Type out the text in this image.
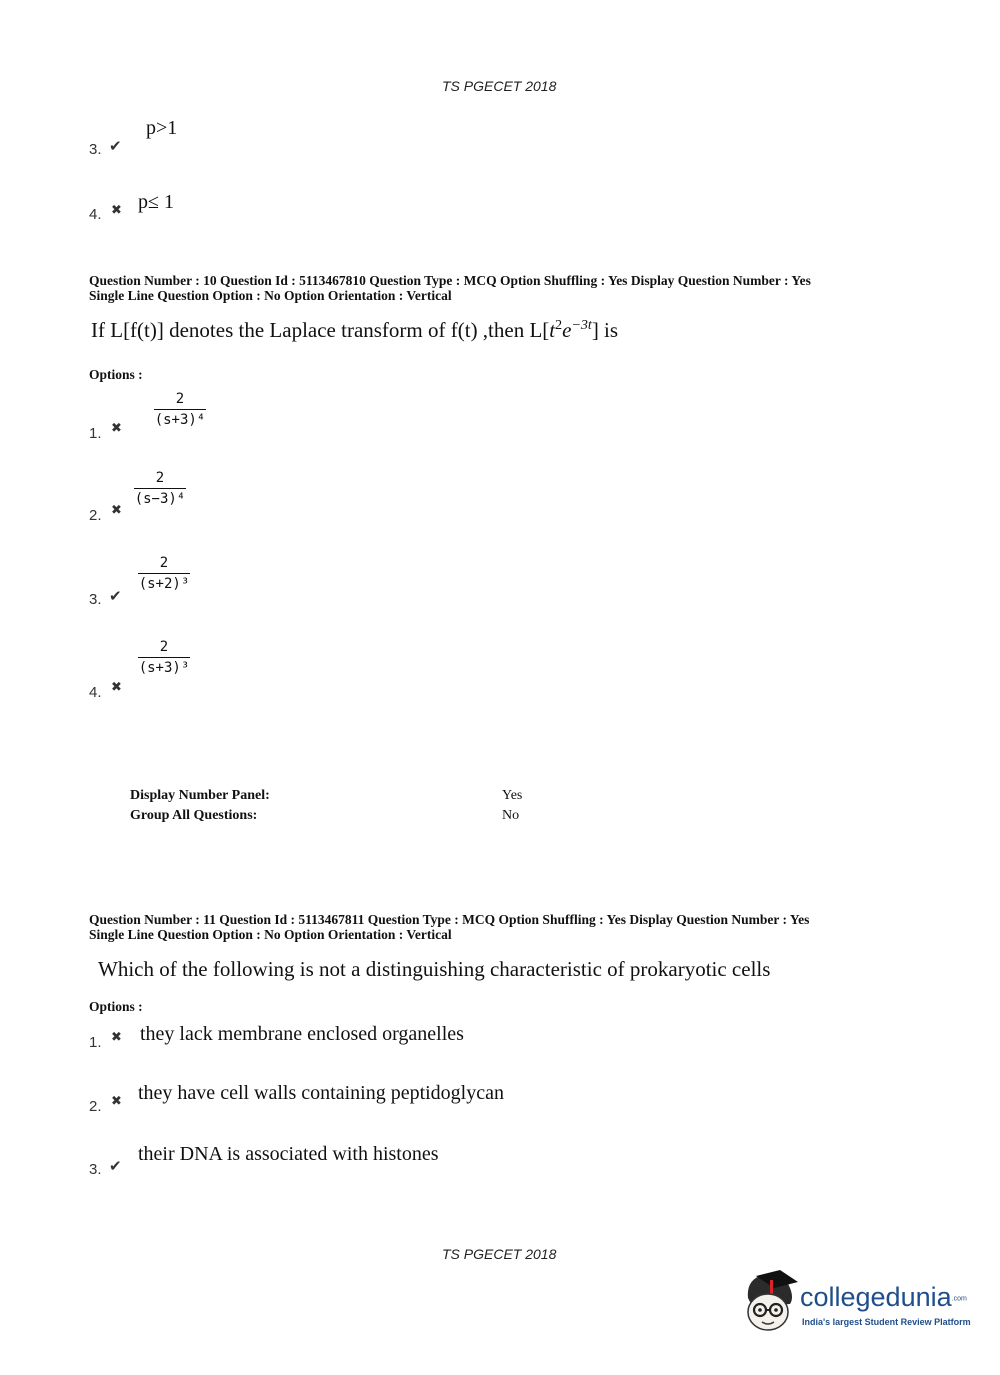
TS PGECET 2018
3. ✔
p>1
4. ✖ p≤ 1
Question Number : 10 Question Id : 5113467810 Question Type : MCQ Option Shuffling : Yes Display Question Number : Yes
Single Line Question Option : No Option Orientation : Vertical
If L[f(t)] denotes the Laplace transform of f(t) ,then $L[t^2e^{-3t}]$ is
Options :
1. ✖
2
(s+3)⁴
2. ✖
2
(s−3)⁴
3. ✔
2
(s+2)³
4. ✖
2
(s+3)³
Display Number Panel:	Yes
Group All Questions:	No
Question Number : 11 Question Id : 5113467811 Question Type : MCQ Option Shuffling : Yes Display Question Number : Yes
Single Line Question Option : No Option Orientation : Vertical
Which of the following is not a distinguishing characteristic of prokaryotic cells
Options :
1. ✖ they lack membrane enclosed organelles
2. ✖ they have cell walls containing peptidoglycan
3. ✔
their DNA is associated with histones
TS PGECET 2018
collegedunia.com
India's largest Student Review Platform
